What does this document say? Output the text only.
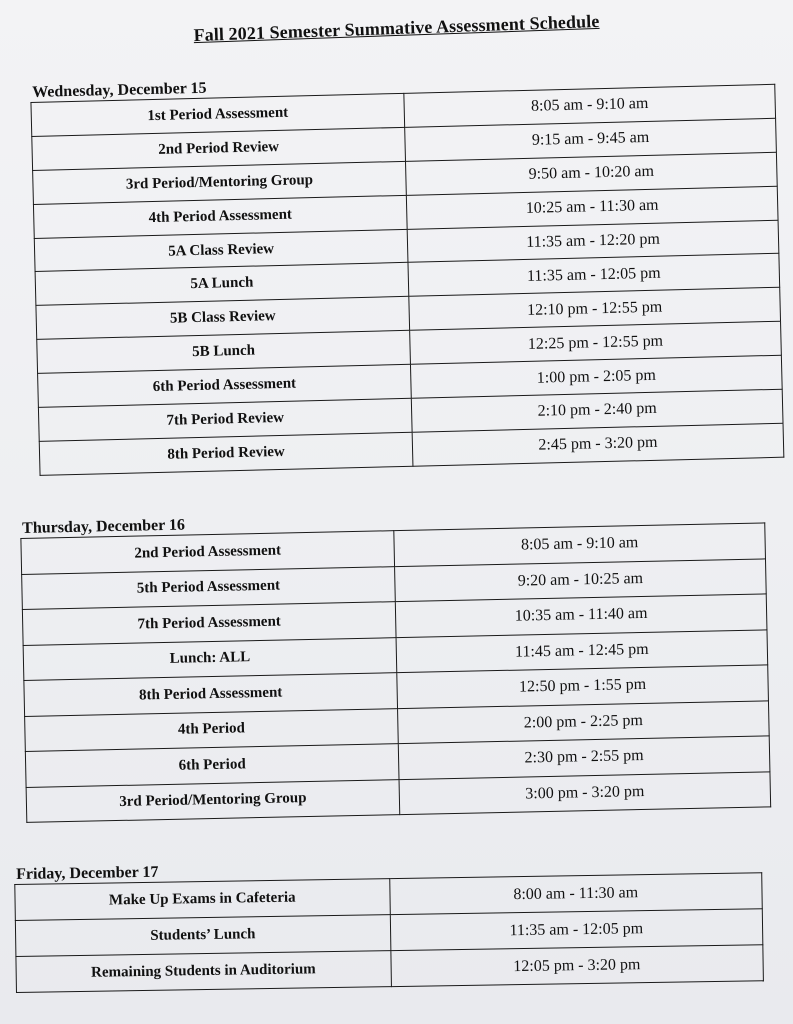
Fall 2021 Semester Summative Assessment Schedule
Wednesday, December 15
1st Period Assessment	8:05 am - 9:10 am
2nd Period Review	9:15 am - 9:45 am
3rd Period/Mentoring Group	9:50 am - 10:20 am
4th Period Assessment	10:25 am - 11:30 am
5A Class Review	11:35 am - 12:20 pm
5A Lunch	11:35 am - 12:05 pm
5B Class Review	12:10 pm - 12:55 pm
5B Lunch	12:25 pm - 12:55 pm
6th Period Assessment	1:00 pm - 2:05 pm
7th Period Review	2:10 pm - 2:40 pm
8th Period Review	2:45 pm - 3:20 pm
Thursday, December 16
2nd Period Assessment	8:05 am - 9:10 am
5th Period Assessment	9:20 am - 10:25 am
7th Period Assessment	10:35 am - 11:40 am
Lunch: ALL	11:45 am - 12:45 pm
8th Period Assessment	12:50 pm - 1:55 pm
4th Period	2:00 pm - 2:25 pm
6th Period	2:30 pm - 2:55 pm
3rd Period/Mentoring Group	3:00 pm - 3:20 pm
Friday, December 17
Make Up Exams in Cafeteria	8:00 am - 11:30 am
Students’ Lunch	11:35 am - 12:05 pm
Remaining Students in Auditorium	12:05 pm - 3:20 pm
